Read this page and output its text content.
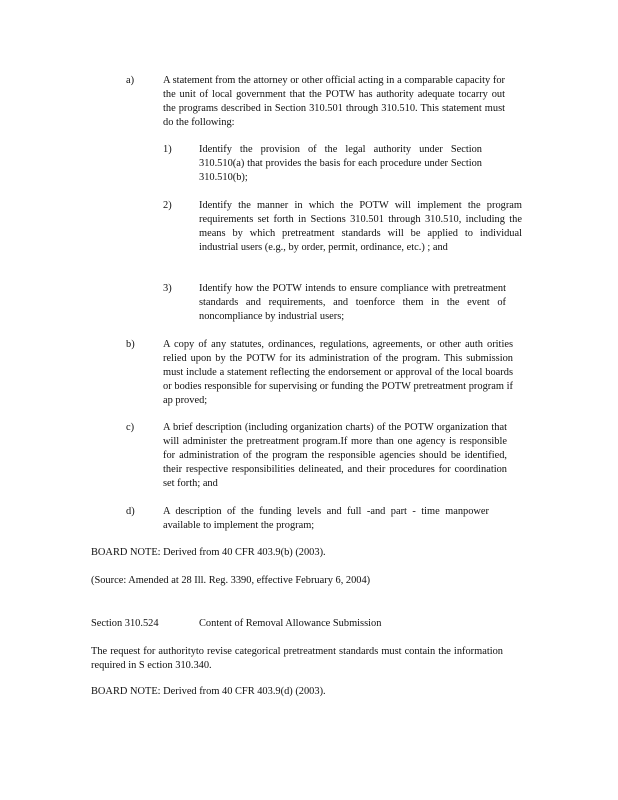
a)	A statement from the attorney or other official acting in a comparable capacity for the unit of local government that the POTW has authority adequate tocarry out the programs described in Section 310.501 through 310.510. This statement must do the following:
1)	Identify the provision of the legal authority under Section 310.510(a) that provides the basis for each procedure under Section 310.510(b);
2)	Identify the manner in which the POTW will implement the program requirements set forth in Sections 310.501 through 310.510, including the means by which pretreatment standards will be applied to individual industrial users (e.g., by order, permit, ordinance, etc.) ; and
3)	Identify how the POTW intends to ensure compliance with pretreatment standards and requirements, and toenforce them in the event of noncompliance by industrial users;
b)	A copy of any statutes, ordinances, regulations, agreements, or other auth orities relied upon by the POTW for its administration of the program. This submission must include a statement reflecting the endorsement or approval of the local boards or bodies responsible for supervising or funding the POTW pretreatment program if ap proved;
c)	A brief description (including organization charts) of the POTW organization that will administer the pretreatment program.If more than one agency is responsible for administration of the program the responsible agencies should be identified, their respective responsibilities delineated, and their procedures for coordination set forth; and
d)	A description of the funding levels and full -and part - time manpower available to implement the program;
BOARD NOTE: Derived from 40 CFR 403.9(b) (2003).
(Source: Amended at 28 Ill. Reg. 3390, effective February 6, 2004)
Section 310.524	Content of Removal Allowance Submission
The request for authorityto revise categorical pretreatment standards must contain the information required in S ection 310.340.
BOARD NOTE: Derived from 40 CFR 403.9(d) (2003).
